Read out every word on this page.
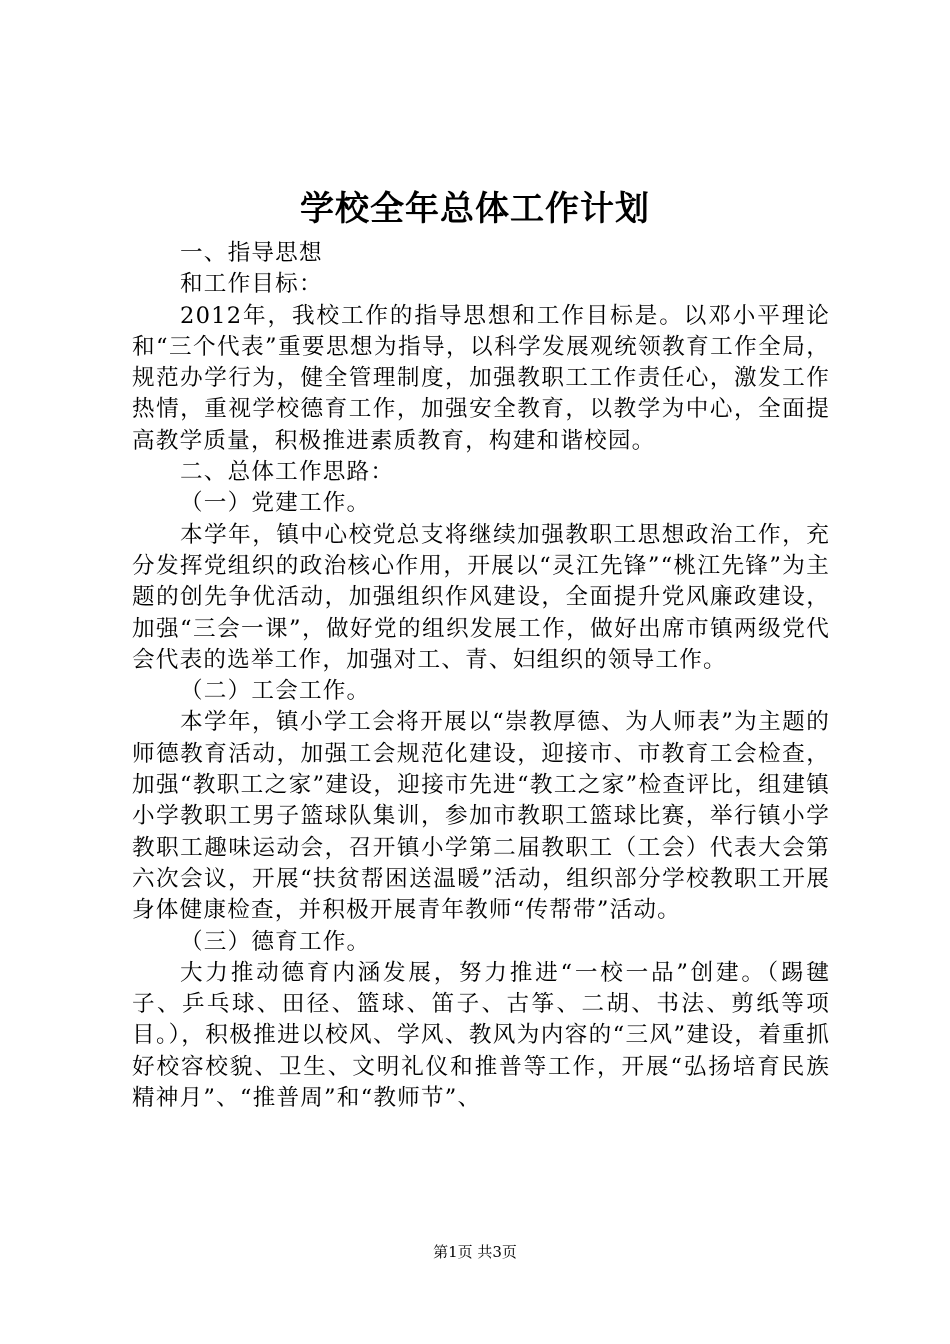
学校全年总体工作计划

一、指导思想

和工作目标：

2012年，我校工作的指导思想和工作目标是。以邓小平理论和“三个代表”重要思想为指导，以科学发展观统领教育工作全局，规范办学行为，健全管理制度，加强教职工工作责任心，激发工作热情，重视学校德育工作，加强安全教育，以教学为中心，全面提高教学质量，积极推进素质教育，构建和谐校园。

二、总体工作思路：

（一）党建工作。

本学年，镇中心校党总支将继续加强教职工思想政治工作，充分发挥党组织的政治核心作用，开展以“灵江先锋”“桃江先锋”为主题的创先争优活动，加强组织作风建设，全面提升党风廉政建设，加强“三会一课”，做好党的组织发展工作，做好出席市镇两级党代会代表的选举工作，加强对工、青、妇组织的领导工作。

（二）工会工作。

本学年，镇小学工会将开展以“崇教厚德、为人师表”为主题的师德教育活动，加强工会规范化建设，迎接市、市教育工会检查，加强“教职工之家”建设，迎接市先进“教工之家”检查评比，组建镇小学教职工男子篮球队集训，参加市教职工篮球比赛，举行镇小学教职工趣味运动会，召开镇小学第二届教职工（工会）代表大会第六次会议，开展“扶贫帮困送温暖”活动，组织部分学校教职工开展身体健康检查，并积极开展青年教师“传帮带”活动。

（三）德育工作。

大力推动德育内涵发展，努力推进“一校一品”创建。（踢毽子、乒乓球、田径、篮球、笛子、古筝、二胡、书法、剪纸等项目。），积极推进以校风、学风、教风为内容的“三风”建设，着重抓好校容校貌、卫生、文明礼仪和推普等工作，开展“弘扬培育民族精神月”、“推普周”和“教师节”、

第1页 共3页
